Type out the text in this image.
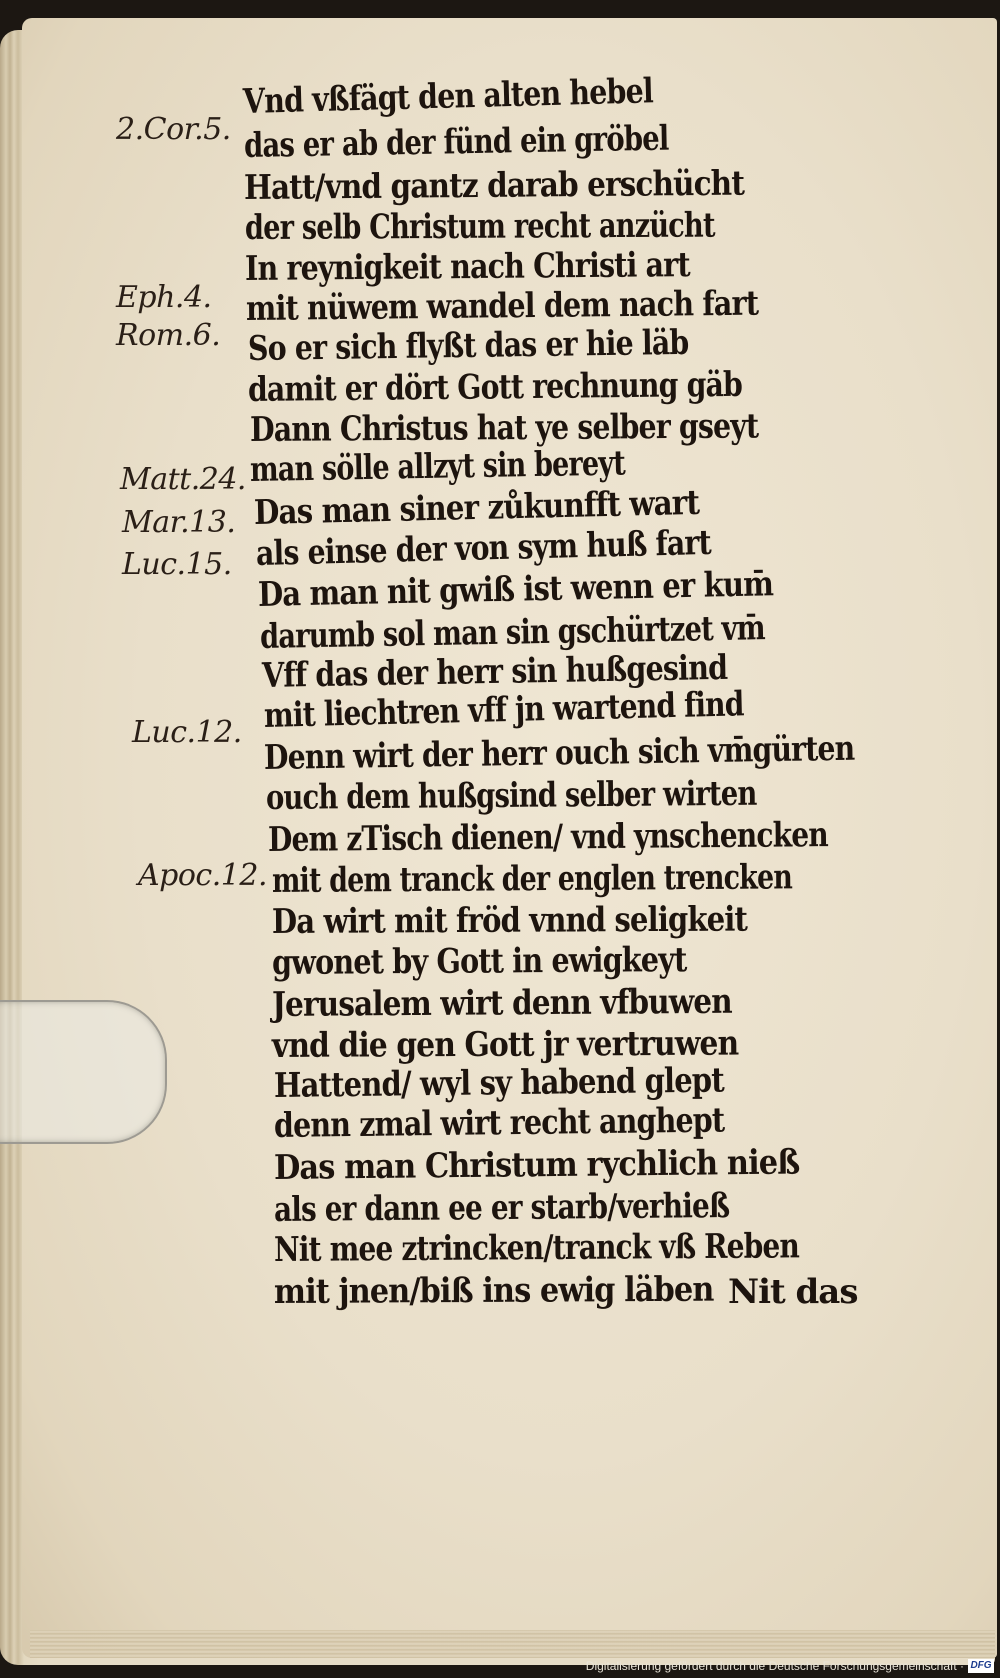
2.Cor.5.
Eph.4.
Rom.6.
Matt.24.
Mar.13.
Luc.15.
Luc.12.
Apoc.12.
Vnd vßfägt den alten hebel
das er ab der fünd ein gröbel
Hatt/vnd gantz darab erschücht
der selb Christum recht anzücht
In reynigkeit nach Christi art
mit nüwem wandel dem nach fart
So er sich flyßt das er hie läb
damit er dört Gott rechnung gäb
Dann Christus hat ye selber gseyt
man sölle allzyt sin bereyt
Das man siner zůkunfft wart
als einse der von sym huß fart
Da man nit gwiß ist wenn er kum̄
darumb sol man sin gschürtzet vm̄
Vff das der herr sin hußgesind
mit liechtren vff jn wartend find
Denn wirt der herr ouch sich vm̄gürten
ouch dem hußgsind selber wirten
Dem zTisch dienen/ vnd ynschencken
mit dem tranck der englen trencken
Da wirt mit fröd vnnd seligkeit
gwonet by Gott in ewigkeyt
Jerusalem wirt denn vfbuwen
vnd die gen Gott jr vertruwen
Hattend/ wyl sy habend glept
denn zmal wirt recht anghept
Das man Christum rychlich nieß
als er dann ee er starb/verhieß
Nit mee ztrincken/tranck vß Reben
mit jnen/biß ins ewig läben Nit das
Digitalisierung gefördert durch die Deutsche Forschungsgemeinschaft · DFG
